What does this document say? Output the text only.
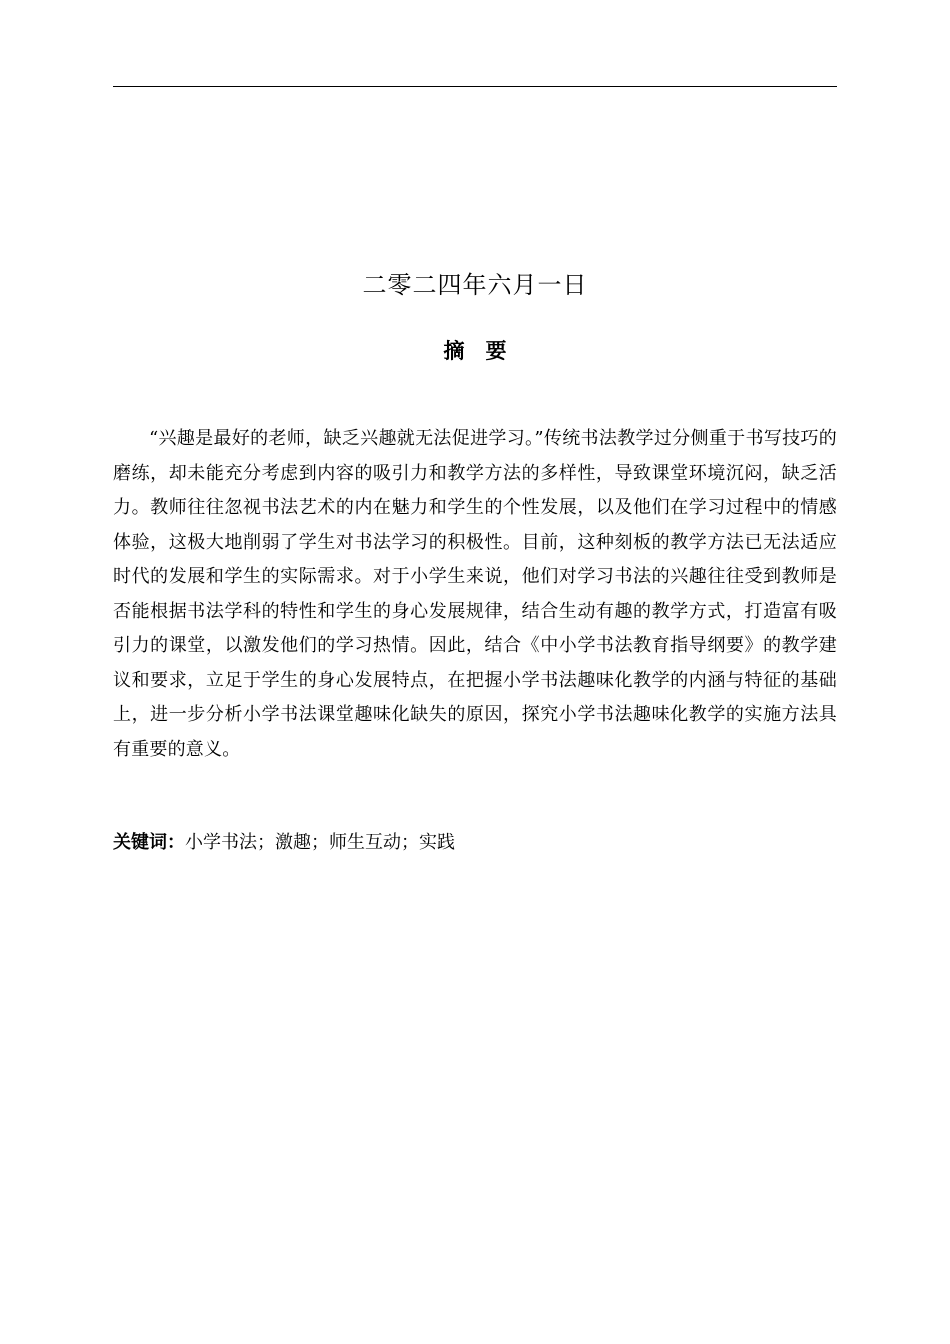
二零二四年六月一日
摘　要

“兴趣是最好的老师，缺乏兴趣就无法促进学习。”传统书法教学过分侧重于书写技巧的磨练，却未能充分考虑到内容的吸引力和教学方法的多样性，导致课堂环境沉闷，缺乏活力。教师往往忽视书法艺术的内在魅力和学生的个性发展，以及他们在学习过程中的情感体验，这极大地削弱了学生对书法学习的积极性。目前，这种刻板的教学方法已无法适应时代的发展和学生的实际需求。对于小学生来说，他们对学习书法的兴趣往往受到教师是否能根据书法学科的特性和学生的身心发展规律，结合生动有趣的教学方式，打造富有吸引力的课堂，以激发他们的学习热情。因此，结合《中小学书法教育指导纲要》的教学建议和要求，立足于学生的身心发展特点，在把握小学书法趣味化教学的内涵与特征的基础上，进一步分析小学书法课堂趣味化缺失的原因，探究小学书法趣味化教学的实施方法具有重要的意义。

关键词：小学书法；激趣；师生互动；实践
